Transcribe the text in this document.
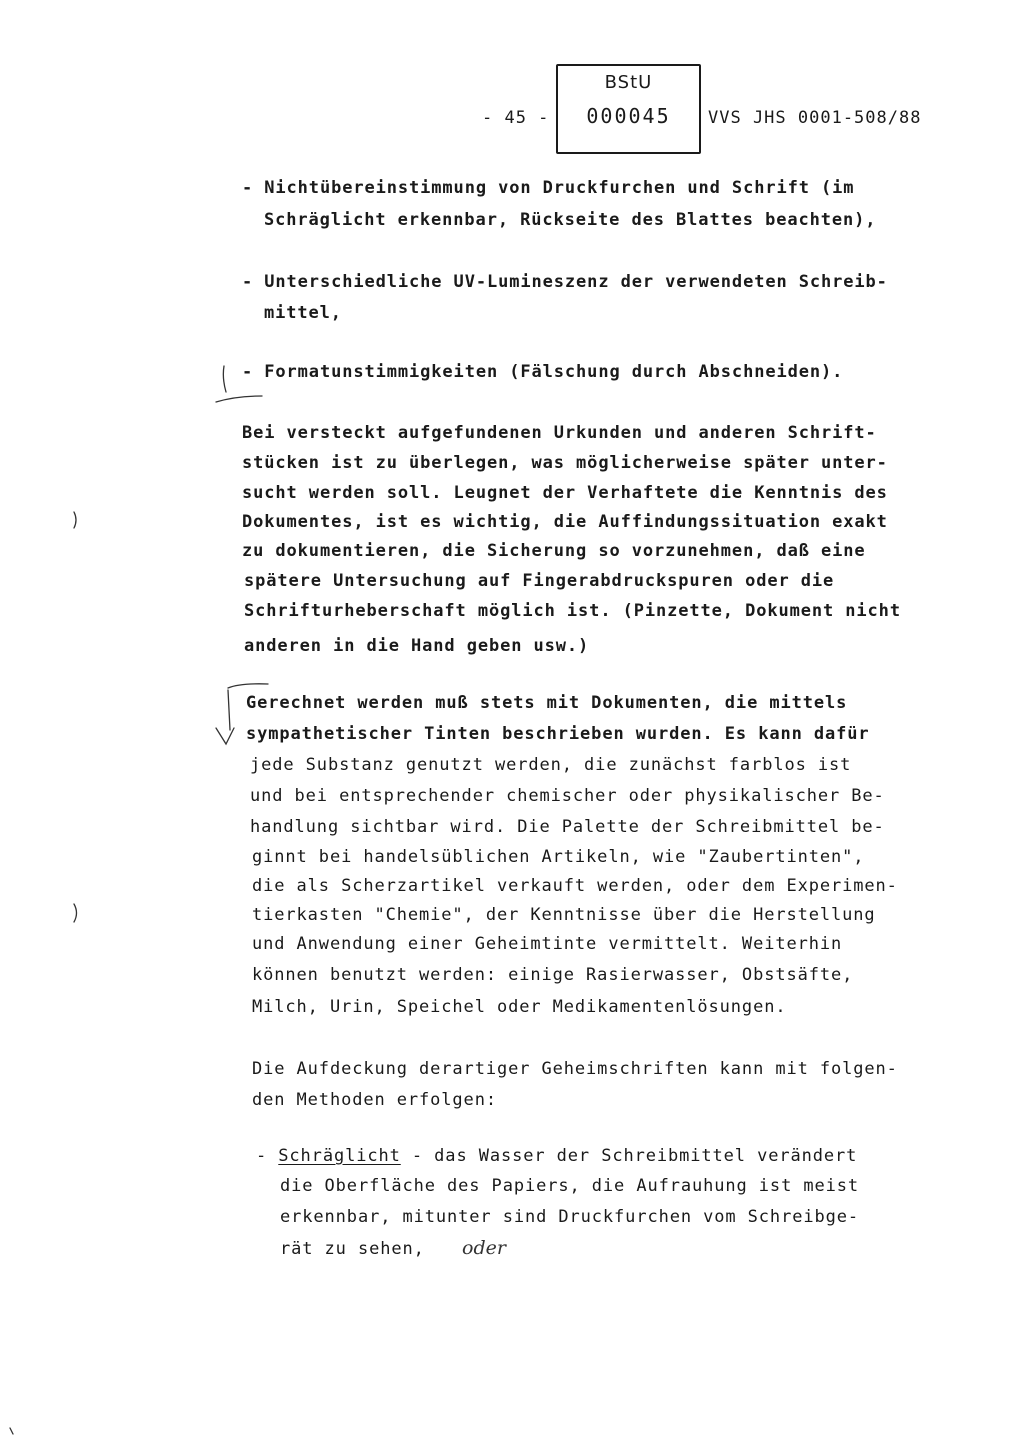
- 45 -
BStU
000045	VVS JHS 0001-508/88
- Nichtübereinstimmung von Druckfurchen und Schrift (im
Schräglicht erkennbar, Rückseite des Blattes beachten),
- Unterschiedliche UV-Lumineszenz der verwendeten Schreib-
mittel,
- Formatunstimmigkeiten (Fälschung durch Abschneiden).
Bei versteckt aufgefundenen Urkunden und anderen Schrift-
stücken ist zu überlegen, was möglicherweise später unter-
sucht werden soll. Leugnet der Verhaftete die Kenntnis des
Dokumentes, ist es wichtig, die Auffindungssituation exakt
zu dokumentieren, die Sicherung so vorzunehmen, daß eine
spätere Untersuchung auf Fingerabdruckspuren oder die
Schrifturheberschaft möglich ist. (Pinzette, Dokument nicht
anderen in die Hand geben usw.)
Gerechnet werden muß stets mit Dokumenten, die mittels
sympathetischer Tinten beschrieben wurden. Es kann dafür
jede Substanz genutzt werden, die zunächst farblos ist
und bei entsprechender chemischer oder physikalischer Be-
handlung sichtbar wird. Die Palette der Schreibmittel be-
ginnt bei handelsüblichen Artikeln, wie "Zaubertinten",
die als Scherzartikel verkauft werden, oder dem Experimen-
tierkasten "Chemie", der Kenntnisse über die Herstellung
und Anwendung einer Geheimtinte vermittelt. Weiterhin
können benutzt werden: einige Rasierwasser, Obstsäfte,
Milch, Urin, Speichel oder Medikamentenlösungen.
Die Aufdeckung derartiger Geheimschriften kann mit folgen-
den Methoden erfolgen:
- Schräglicht - das Wasser der Schreibmittel verändert
die Oberfläche des Papiers, die Aufrauhung ist meist
erkennbar, mitunter sind Druckfurchen vom Schreibge-
rät zu sehen, oder
